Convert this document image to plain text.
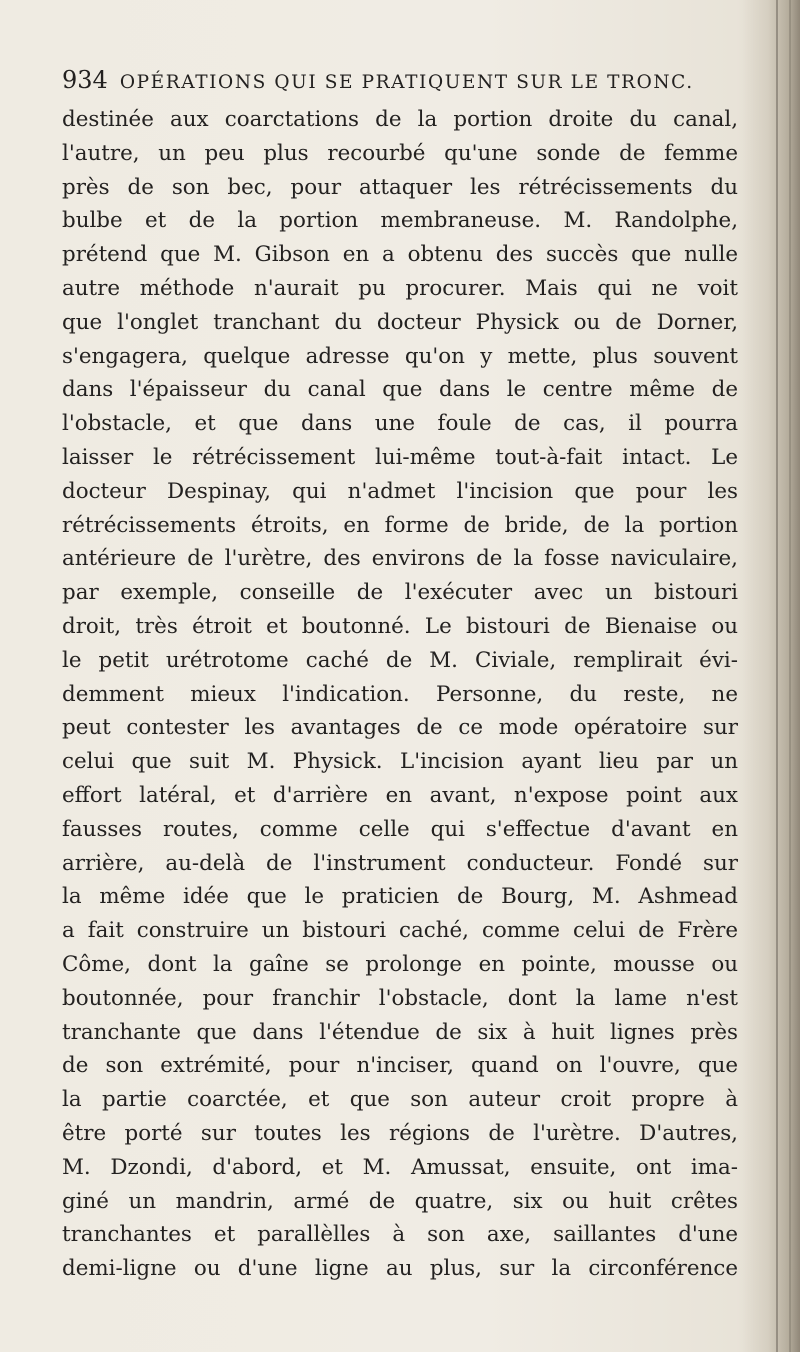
934 OPÉRATIONS QUI SE PRATIQUENT SUR LE TRONC.
destinée aux coarctations de la portion droite du canal,
l'autre, un peu plus recourbé qu'une sonde de femme
près de son bec, pour attaquer les rétrécissements du
bulbe et de la portion membraneuse. M. Randolphe,
prétend que M. Gibson en a obtenu des succès que nulle
autre méthode n'aurait pu procurer. Mais qui ne voit
que l'onglet tranchant du docteur Physick ou de Dorner,
s'engagera, quelque adresse qu'on y mette, plus souvent
dans l'épaisseur du canal que dans le centre même de
l'obstacle, et que dans une foule de cas, il pourra
laisser le rétrécissement lui-même tout-à-fait intact. Le
docteur Despinay, qui n'admet l'incision que pour les
rétrécissements étroits, en forme de bride, de la portion
antérieure de l'urètre, des environs de la fosse naviculaire,
par exemple, conseille de l'exécuter avec un bistouri
droit, très étroit et boutonné. Le bistouri de Bienaise ou
le petit urétrotome caché de M. Civiale, remplirait évi-
demment mieux l'indication. Personne, du reste, ne
peut contester les avantages de ce mode opératoire sur
celui que suit M. Physick. L'incision ayant lieu par un
effort latéral, et d'arrière en avant, n'expose point aux
fausses routes, comme celle qui s'effectue d'avant en
arrière, au-delà de l'instrument conducteur. Fondé sur
la même idée que le praticien de Bourg, M. Ashmead
a fait construire un bistouri caché, comme celui de Frère
Côme, dont la gaîne se prolonge en pointe, mousse ou
boutonnée, pour franchir l'obstacle, dont la lame n'est
tranchante que dans l'étendue de six à huit lignes près
de son extrémité, pour n'inciser, quand on l'ouvre, que
la partie coarctée, et que son auteur croit propre à
être porté sur toutes les régions de l'urètre. D'autres,
M. Dzondi, d'abord, et M. Amussat, ensuite, ont ima-
giné un mandrin, armé de quatre, six ou huit crêtes
tranchantes et parallèlles à son axe, saillantes d'une
demi-ligne ou d'une ligne au plus, sur la circonférence
